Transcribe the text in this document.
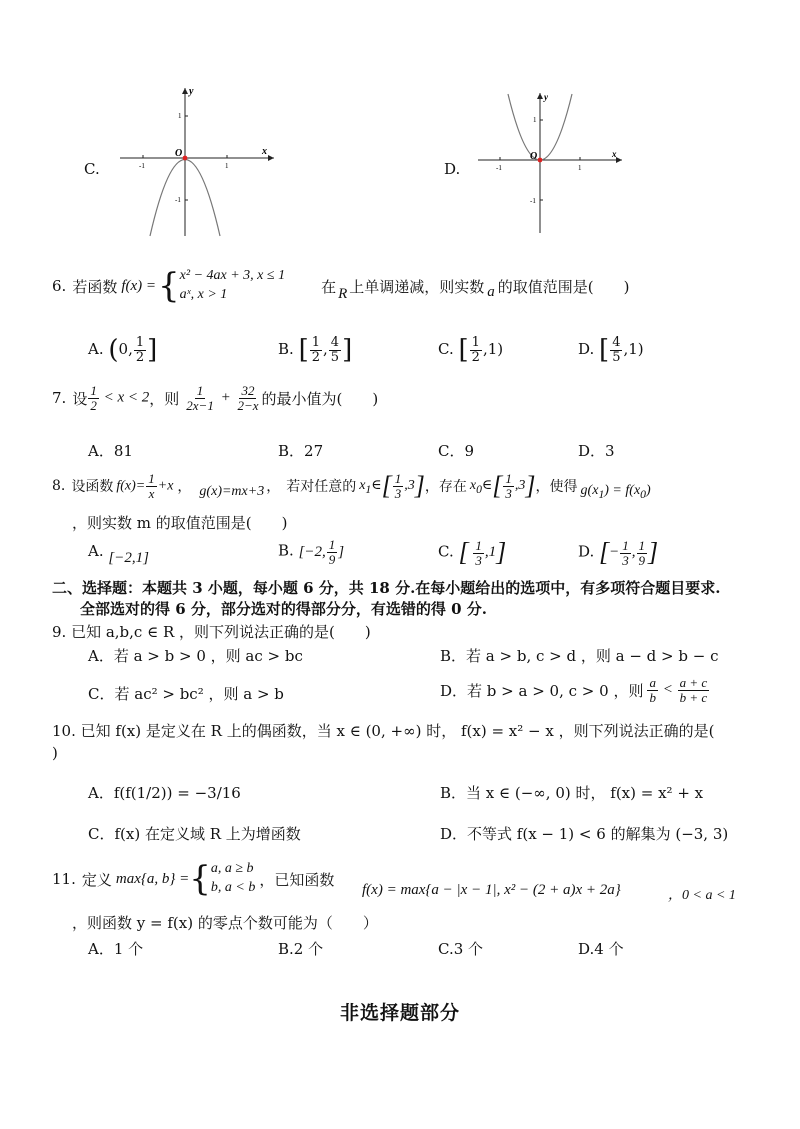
C.
x
y
O
1
-1
1
-1
D.
x
y
O
1
-1
1
-1
6. 若函数 f(x) = { x² − 4ax + 3, x ≤ 1
aˣ, x > 1	在 R 上单调递减，则实数 a 的取值范围是(　　)
A. (0, $\frac{1}{2}$ ]	B. [ $\frac{1}{2}$ , $\frac{4}{5}$ ]	C. [ $\frac{1}{2} ,1$)	D. [ $\frac{4}{5} ,1$)
7. 设 $\frac{1}{2} < x < 2$ ，则 $\frac{1}{2x-1} + \frac{32}{2-x}$ 的最小值为(　　)
A．81	B．27	C．9	D．3
8. 设函数 $f(x)= \frac{1}{x} +x$ ， g(x)=mx+3 ， 若对任意的 $x_1\in[ \frac{1}{3} ,3]$ ， 存在 $x_0\in[ \frac{1}{3} ,3]$ ， 使得 $g(x_1) = f(x_0)$
，则实数 m 的取值范围是(　　)
A. [−2,1]	B. [−2, $\frac{1}{9}$ ]	C. [ $\frac{1}{3} ,1$]	D. [− $\frac{1}{3}$ , $\frac{1}{9}$ ]
二、选择题：本题共 3 小题，每小题 6 分，共 18 分.在每小题给出的选项中，有多项符合题目要求.
全部选对的得 6 分，部分选对的得部分分，有选错的得 0 分.
9. 已知 a,b,c ∈ R ，则下列说法正确的是(　　)
A．若 a > b > 0 ，则 ac > bc	B．若 a > b, c > d ，则 a − d > b − c
C．若 ac² > bc² ，则 a > b	D．若 b > a > 0, c > 0 ，则 $\frac{a}{b} < \frac{a + c}{b + c}$
10. 已知 f(x) 是定义在 R 上的偶函数，当 x ∈ (0, +∞) 时， f(x) = x² − x ，则下列说法正确的是(
)
A．f(f(1/2)) = −3/16	B．当 x ∈ (−∞, 0) 时， f(x) = x² + x
C．f(x) 在定义域 R 上为增函数	D．不等式 f(x − 1) < 6 的解集为 (−3, 3)
11. 定义 max{a, b} = { a, a ≥ b
b, a < b ，已知函数
f(x) = max{a − |x − 1|, x² − (2 + a)x + 2a}	，0 < a < 1
，则函数 y = f(x) 的零点个数可能为（　　）
A．1 个	B.2 个	C.3 个	D.4 个
非选择题部分
